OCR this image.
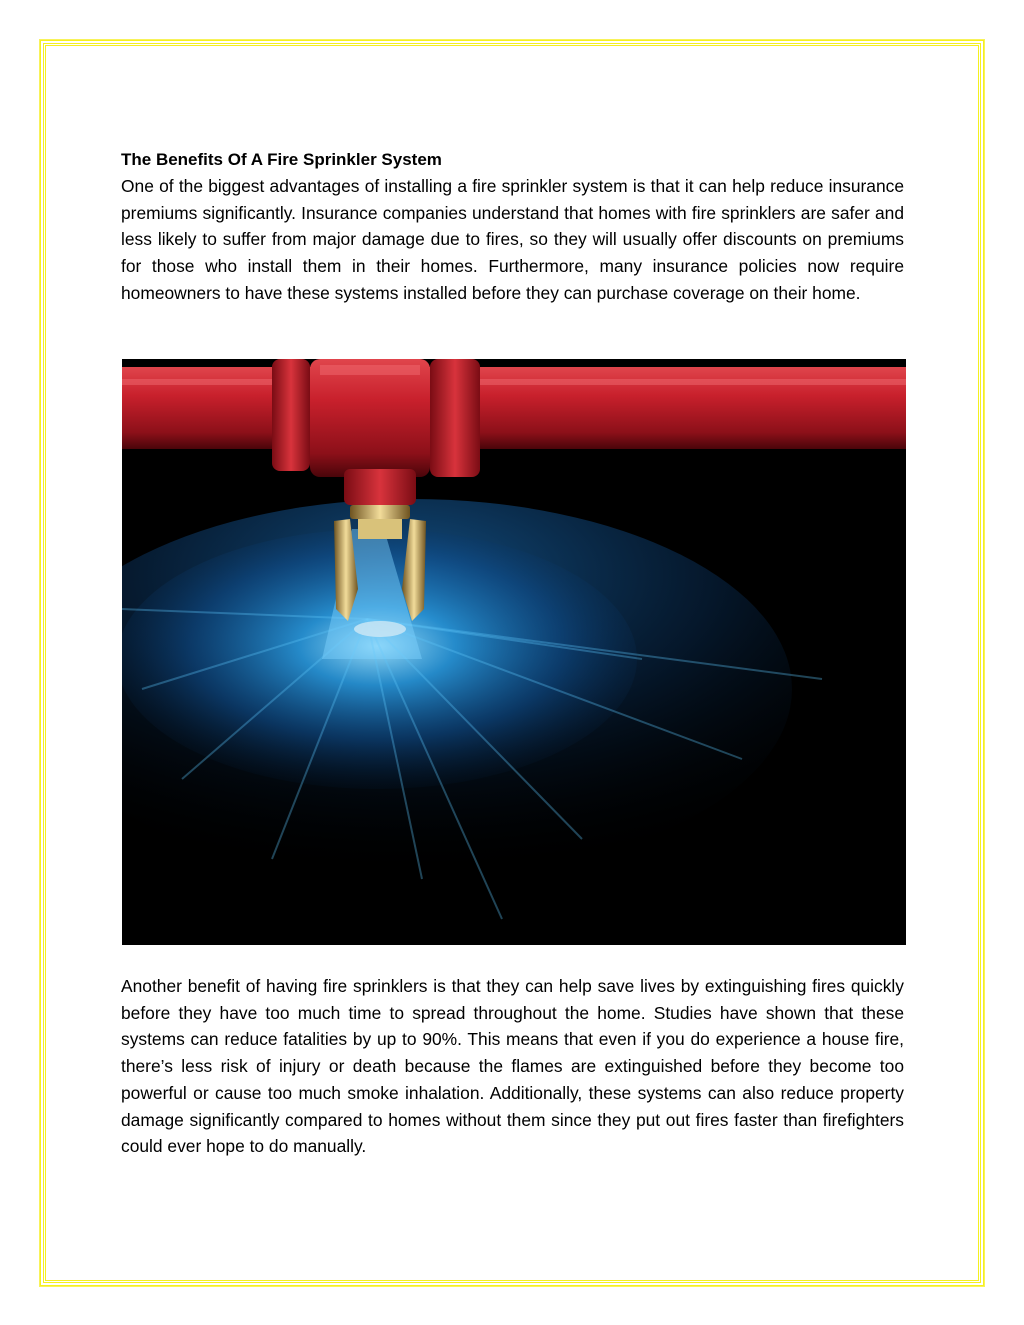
The Benefits Of A Fire Sprinkler System

One of the biggest advantages of installing a fire sprinkler system is that it can help reduce insurance premiums significantly. Insurance companies understand that homes with fire sprinklers are safer and less likely to suffer from major damage due to fires, so they will usually offer discounts on premiums for those who install them in their homes. Furthermore, many insurance policies now require homeowners to have these systems installed before they can purchase coverage on their home.

Another benefit of having fire sprinklers is that they can help save lives by extinguishing fires quickly before they have too much time to spread throughout the home. Studies have shown that these systems can reduce fatalities by up to 90%. This means that even if you do experience a house fire, there’s less risk of injury or death because the flames are extinguished before they become too powerful or cause too much smoke inhalation. Additionally, these systems can also reduce property damage significantly compared to homes without them since they put out fires faster than firefighters could ever hope to do manually.
